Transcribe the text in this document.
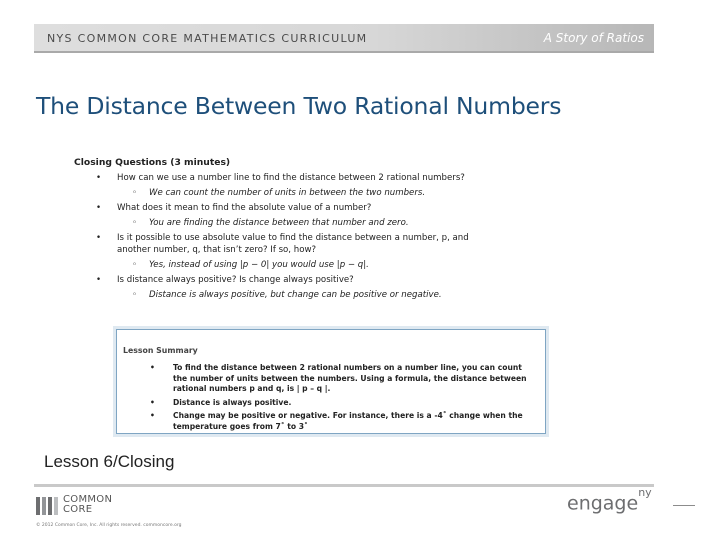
NYS COMMON CORE MATHEMATICS CURRICULUM	A Story of Ratios
The Distance Between Two Rational Numbers
Closing Questions (3 minutes)
• How can we use a number line to find the distance between 2 rational numbers?
◦ We can count the number of units in between the two numbers.
• What does it mean to find the absolute value of a number?
◦ You are finding the distance between that number and zero.
• Is it possible to use absolute value to find the distance between a number, p, and another number, q, that isn’t zero? If so, how?
◦ Yes, instead of using |p − 0| you would use |p − q|.
• Is distance always positive? Is change always positive?
◦ Distance is always positive, but change can be positive or negative.
Lesson Summary
• To find the distance between 2 rational numbers on a number line, you can count the number of units between the numbers. Using a formula, the distance between rational numbers p and q, is | p – q |.
• Distance is always positive.
• Change may be positive or negative. For instance, there is a -4˚ change when the temperature goes from 7˚ to 3˚
Lesson 6/Closing
COMMON
CORE
© 2012 Common Core, Inc. All rights reserved. commoncore.org
engage$^{ny}$
